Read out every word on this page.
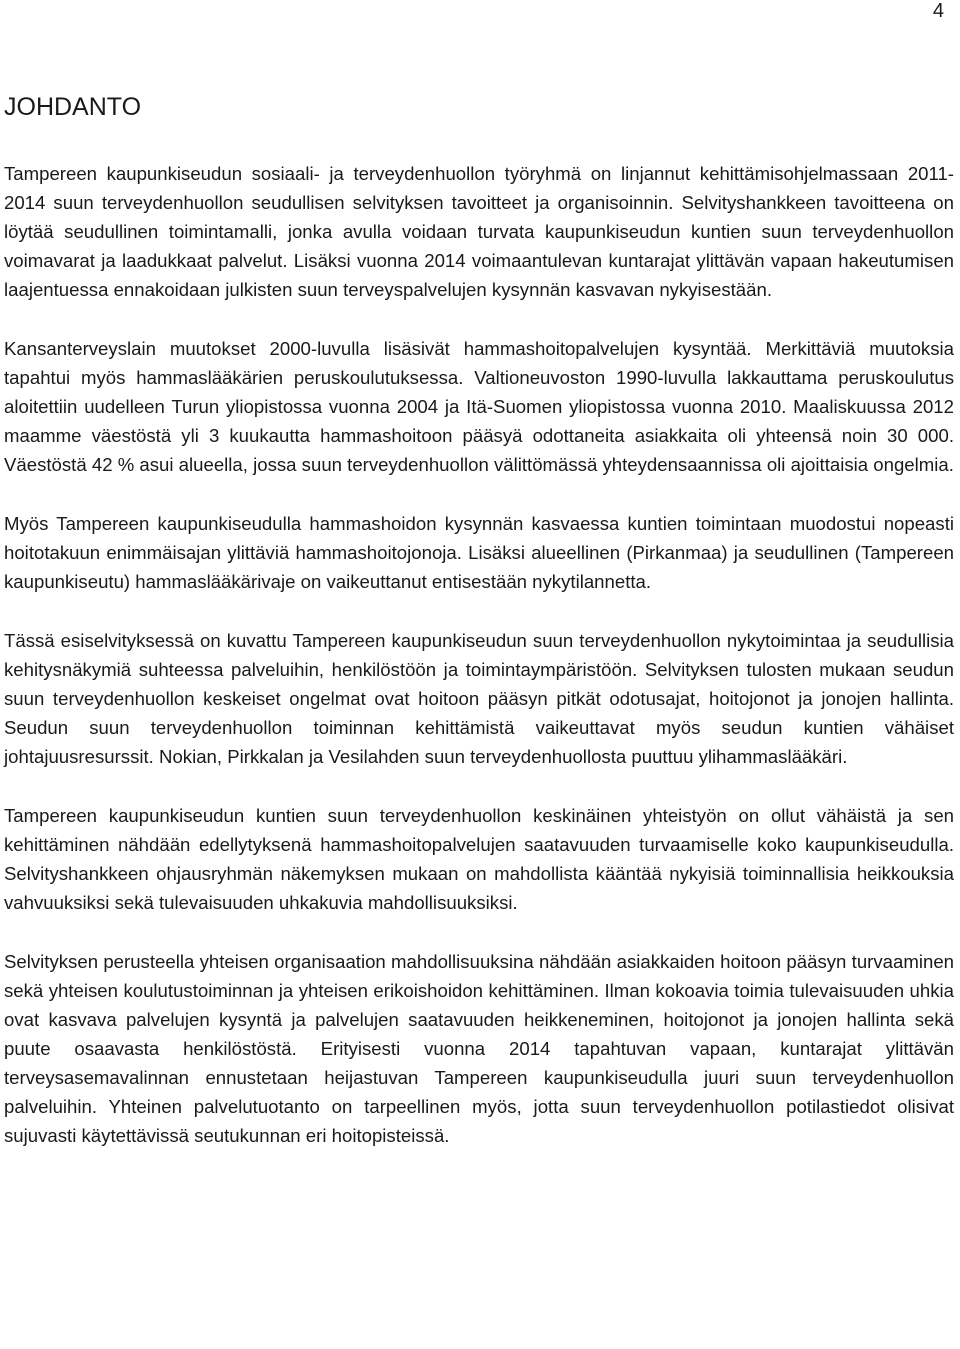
4
JOHDANTO

Tampereen kaupunkiseudun sosiaali- ja terveydenhuollon työryhmä on linjannut kehittämisohjelmassaan 2011-2014 suun terveydenhuollon seudullisen selvityksen tavoitteet ja organisoinnin. Selvityshankkeen tavoitteena on löytää seudullinen toimintamalli, jonka avulla voidaan turvata kaupunkiseudun kuntien suun terveydenhuollon voimavarat ja laadukkaat palvelut. Lisäksi vuonna 2014 voimaantulevan kuntarajat ylittävän vapaan hakeutumisen laajentuessa ennakoidaan julkisten suun terveyspalvelujen kysynnän kasvavan nykyisestään.

Kansanterveyslain muutokset 2000-luvulla lisäsivät hammashoitopalvelujen kysyntää. Merkittäviä muutoksia tapahtui myös hammaslääkärien peruskoulutuksessa. Valtioneuvoston 1990-luvulla lakkauttama peruskoulutus aloitettiin uudelleen Turun yliopistossa vuonna 2004 ja Itä-Suomen yliopistossa vuonna 2010. Maaliskuussa 2012 maamme väestöstä yli 3 kuukautta hammashoitoon pääsyä odottaneita asiakkaita oli yhteensä noin 30 000. Väestöstä 42 % asui alueella, jossa suun terveydenhuollon välittömässä yhteydensaannissa oli ajoittaisia ongelmia.

Myös Tampereen kaupunkiseudulla hammashoidon kysynnän kasvaessa kuntien toimintaan muodostui nopeasti hoitotakuun enimmäisajan ylittäviä hammashoitojonoja. Lisäksi alueellinen (Pirkanmaa) ja seudullinen (Tampereen kaupunkiseutu) hammaslääkärivaje on vaikeuttanut entisestään nykytilannetta.

Tässä esiselvityksessä on kuvattu Tampereen kaupunkiseudun suun terveydenhuollon nykytoimintaa ja seudullisia kehitysnäkymiä suhteessa palveluihin, henkilöstöön ja toimintaympäristöön. Selvityksen tulosten mukaan seudun suun terveydenhuollon keskeiset ongelmat ovat hoitoon pääsyn pitkät odotusajat, hoitojonot ja jonojen hallinta. Seudun suun terveydenhuollon toiminnan kehittämistä vaikeuttavat myös seudun kuntien vähäiset johtajuusresurssit. Nokian, Pirkkalan ja Vesilahden suun terveydenhuollosta puuttuu ylihammaslääkäri.

Tampereen kaupunkiseudun kuntien suun terveydenhuollon keskinäinen yhteistyön on ollut vähäistä ja sen kehittäminen nähdään edellytyksenä hammashoitopalvelujen saatavuuden turvaamiselle koko kaupunkiseudulla. Selvityshankkeen ohjausryhmän näkemyksen mukaan on mahdollista kääntää nykyisiä toiminnallisia heikkouksia vahvuuksiksi sekä tulevaisuuden uhkakuvia mahdollisuuksiksi.

Selvityksen perusteella yhteisen organisaation mahdollisuuksina nähdään asiakkaiden hoitoon pääsyn turvaaminen sekä yhteisen koulutustoiminnan ja yhteisen erikoishoidon kehittäminen. Ilman kokoavia toimia tulevaisuuden uhkia ovat kasvava palvelujen kysyntä ja palvelujen saatavuuden heikkeneminen, hoitojonot ja jonojen hallinta sekä puute osaavasta henkilöstöstä. Erityisesti vuonna 2014 tapahtuvan vapaan, kuntarajat ylittävän terveysasemavalinnan ennustetaan heijastuvan Tampereen kaupunkiseudulla juuri suun terveydenhuollon palveluihin. Yhteinen palvelutuotanto on tarpeellinen myös, jotta suun terveydenhuollon potilastiedot olisivat sujuvasti käytettävissä seutukunnan eri hoitopisteissä.
